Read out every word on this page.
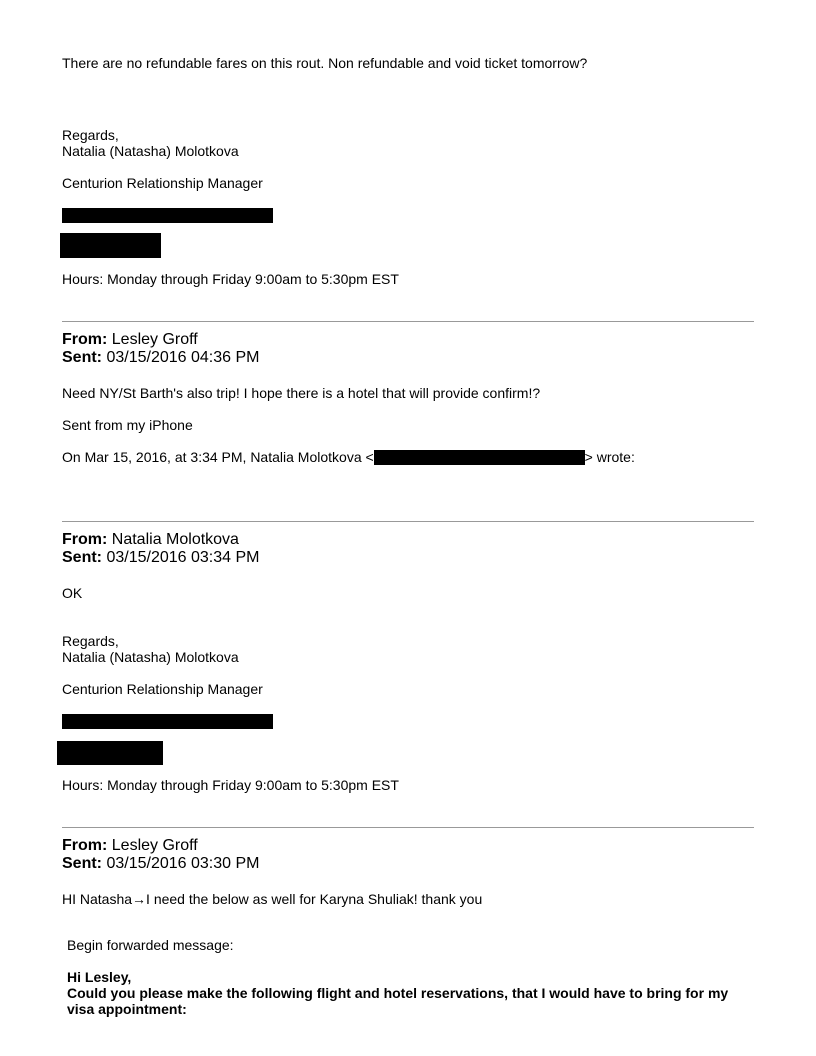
There are no refundable fares on this rout. Non refundable and void ticket tomorrow?
Regards,
Natalia (Natasha) Molotkova
Centurion Relationship Manager
Hours: Monday through Friday 9:00am to 5:30pm EST
From: Lesley Groff
Sent: 03/15/2016 04:36 PM
Need NY/St Barth's also trip! I hope there is a hotel that will provide confirm!?
Sent from my iPhone
On Mar 15, 2016, at 3:34 PM, Natalia Molotkova <	> wrote:
From: Natalia Molotkova
Sent: 03/15/2016 03:34 PM
OK
Regards,
Natalia (Natasha) Molotkova
Centurion Relationship Manager
Hours: Monday through Friday 9:00am to 5:30pm EST
From: Lesley Groff
Sent: 03/15/2016 03:30 PM
HI Natasha→I need the below as well for Karyna Shuliak! thank you
Begin forwarded message:
Hi Lesley,
Could you please make the following flight and hotel reservations, that I would have to bring for my visa appointment:
